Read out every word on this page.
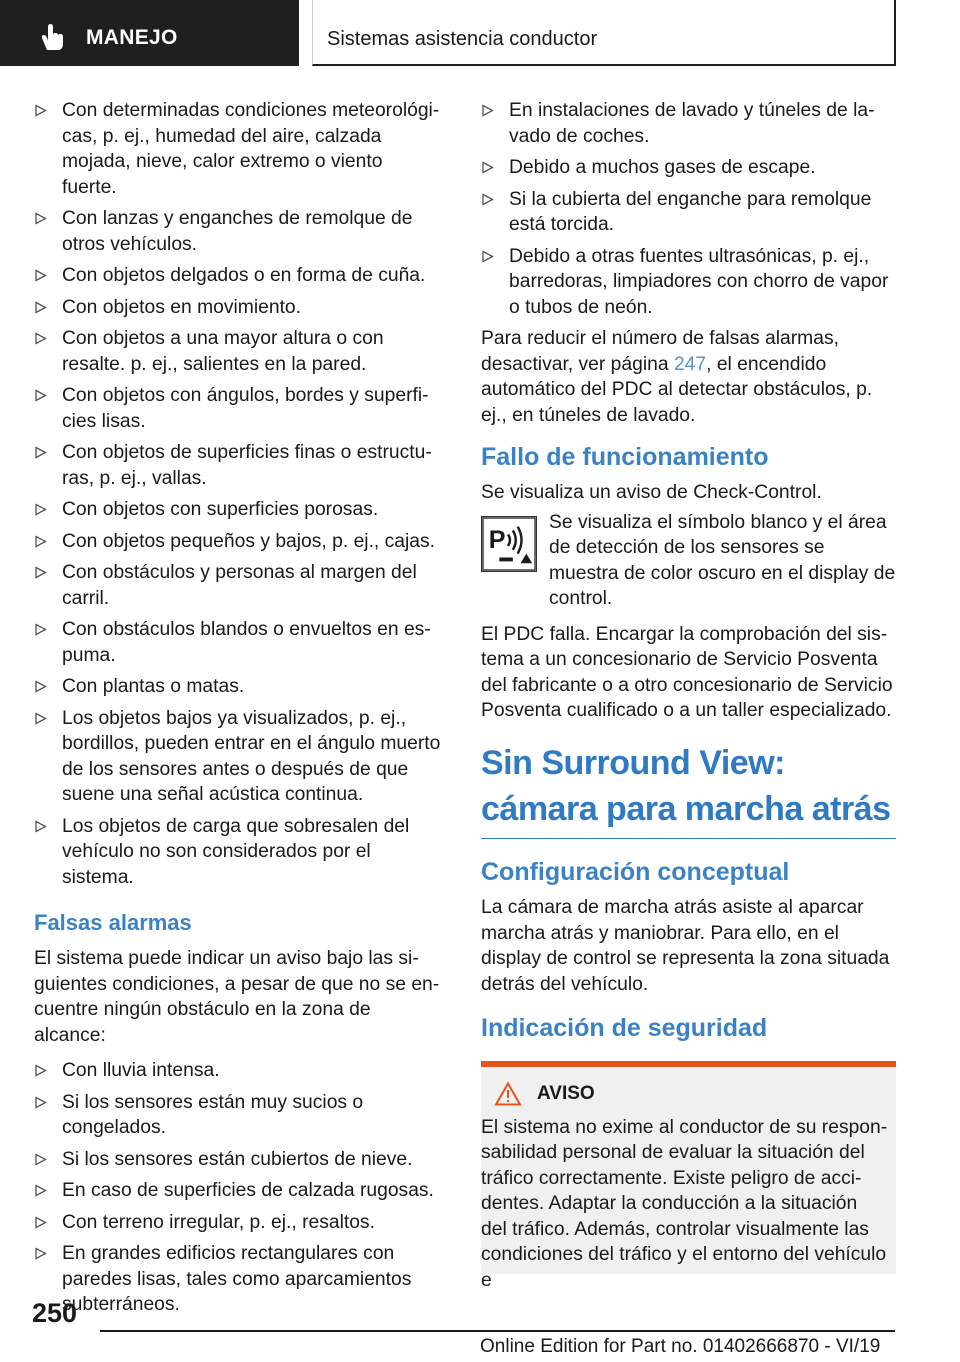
MANEJO	Sistemas asistencia conductor
Con determinadas condiciones meteorológicas, p. ej., humedad del aire, calzada mojada, nieve, calor extremo o viento fuerte.
Con lanzas y enganches de remolque de otros vehículos.
Con objetos delgados o en forma de cuña.
Con objetos en movimiento.
Con objetos a una mayor altura o con resalte. p. ej., salientes en la pared.
Con objetos con ángulos, bordes y superficies lisas.
Con objetos de superficies finas o estructuras, p. ej., vallas.
Con objetos con superficies porosas.
Con objetos pequeños y bajos, p. ej., cajas.
Con obstáculos y personas al margen del carril.
Con obstáculos blandos o envueltos en espuma.
Con plantas o matas.
Los objetos bajos ya visualizados, p. ej., bordillos, pueden entrar en el ángulo muerto de los sensores antes o después de que suene una señal acústica continua.
Los objetos de carga que sobresalen del vehículo no son considerados por el sistema.
Falsas alarmas
El sistema puede indicar un aviso bajo las siguientes condiciones, a pesar de que no se encuentre ningún obstáculo en la zona de alcance:
Con lluvia intensa.
Si los sensores están muy sucios o congelados.
Si los sensores están cubiertos de nieve.
En caso de superficies de calzada rugosas.
Con terreno irregular, p. ej., resaltos.
En grandes edificios rectangulares con paredes lisas, tales como aparcamientos subterráneos.
En instalaciones de lavado y túneles de lavado de coches.
Debido a muchos gases de escape.
Si la cubierta del enganche para remolque está torcida.
Debido a otras fuentes ultrasónicas, p. ej., barredoras, limpiadores con chorro de vapor o tubos de neón.
Para reducir el número de falsas alarmas, desactivar, ver página 247, el encendido automático del PDC al detectar obstáculos, p. ej., en túneles de lavado.
Fallo de funcionamiento
Se visualiza un aviso de Check-Control.
P
Se visualiza el símbolo blanco y el área de detección de los sensores se muestra de color oscuro en el display de control.
El PDC falla. Encargar la comprobación del sistema a un concesionario de Servicio Posventa del fabricante o a otro concesionario de Servicio Posventa cualificado o a un taller especializado.
Sin Surround View: cámara para marcha atrás
Configuración conceptual
La cámara de marcha atrás asiste al aparcar marcha atrás y maniobrar. Para ello, en el display de control se representa la zona situada detrás del vehículo.
Indicación de seguridad
AVISO
El sistema no exime al conductor de su responsabilidad personal de evaluar la situación del tráfico correctamente. Existe peligro de accidentes. Adaptar la conducción a la situación del tráfico. Además, controlar visualmente las condiciones del tráfico y el entorno del vehículo e
250
Online Edition for Part no. 01402666870 - VI/19
